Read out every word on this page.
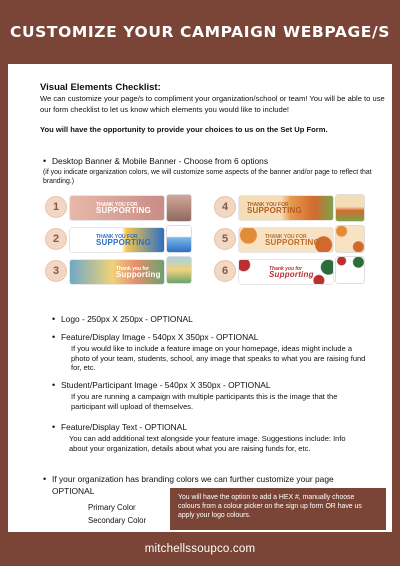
CUSTOMIZE YOUR CAMPAIGN WEBPAGE/S
Visual Elements Checklist:
We can customize your page/s to compliment your organization/school or team! You will be able to use our form checklist to let us know which elements you would like to include!
You will have the opportunity to provide your choices to us on the Set Up Form.
• Desktop Banner & Mobile Banner - Choose from 6 options
(if you indicate organization colors, we will customize some aspects of the banner and/or page to reflect that branding.)
1	THANK YOU FOR
SUPPORTING
2	THANK YOU FOR
SUPPORTING
3	Thank you for
Supporting
4	THANK YOU FOR
SUPPORTING
5	THANK YOU FOR
SUPPORTING
6	Thank you for
Supporting
• Logo - 250px X 250px - OPTIONAL
• Feature/Display Image - 540px X 350px - OPTIONAL
If you would like to include a feature image on your homepage, ideas might include a photo of your team, students, school, any image that speaks to what you are raising fund for, etc.
• Student/Participant Image - 540px X 350px - OPTIONAL
If you are running a campaign with multiple participants this is the image that the participant will upload of themselves.
• Feature/Display Text - OPTIONAL
You can add additional text alongside your feature image. Suggestions include: Info about your organization, details about what you are raising funds for, etc.
• If your organization has branding colors we can further customize your page
OPTIONAL
Primary Color
Secondary Color
You will have the option to add a HEX #, manually choose colours from a colour picker on the sign up form OR have us apply your logo colours.
mitchellssoupco.com
